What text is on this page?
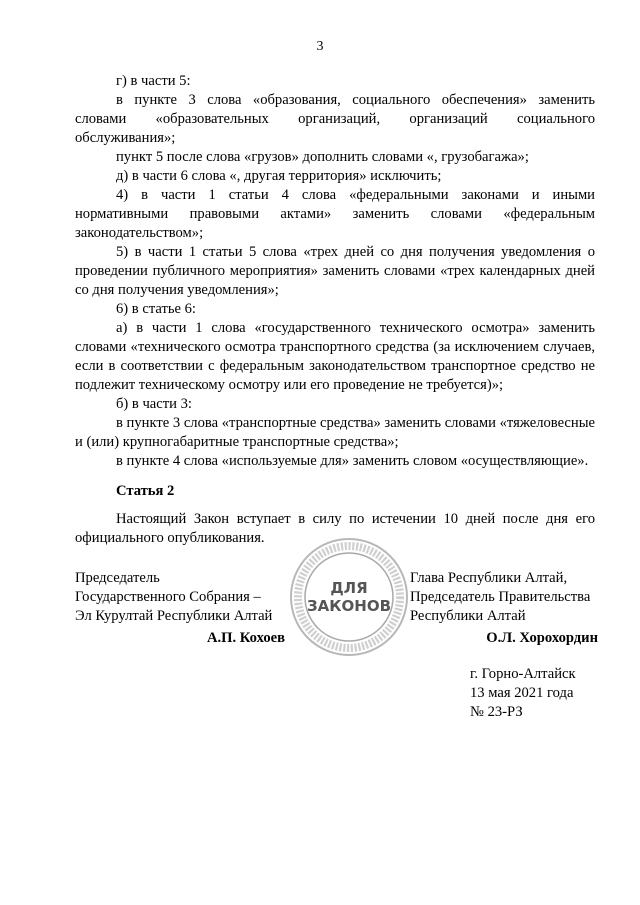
3

г) в части 5:

в пункте 3 слова «образования, социального обеспечения» заменить словами «образовательных организаций, организаций социального обслуживания»;

пункт 5 после слова «грузов» дополнить словами «, грузобагажа»;

д) в части 6 слова «, другая территория» исключить;

4) в части 1 статьи 4 слова «федеральными законами и иными нормативными правовыми актами» заменить словами «федеральным законодательством»;

5) в части 1 статьи 5 слова «трех дней со дня получения уведомления о проведении публичного мероприятия» заменить словами «трех календарных дней со дня получения уведомления»;

6) в статье 6:

а) в части 1 слова «государственного технического осмотра» заменить словами «технического осмотра транспортного средства (за исключением случаев, если в соответствии с федеральным законодательством транспортное средство не подлежит техническому осмотру или его проведение не требуется)»;

б) в части 3:

в пункте 3 слова «транспортные средства» заменить словами «тяжеловесные и (или) крупногабаритные транспортные средства»;

в пункте 4 слова «используемые для» заменить словом «осуществляющие».

Статья 2

Настоящий Закон вступает в силу по истечении 10 дней после дня его официального опубликования.

Председатель
Государственного Собрания –
Эл Курултай Республики Алтай
А.П. Кохоев
ДЛЯ
ЗАКОНОВ
Глава Республики Алтай,
Председатель Правительства
Республики Алтай
О.Л. Хорохордин
г. Горно-Алтайск
13 мая 2021 года
№ 23-РЗ
